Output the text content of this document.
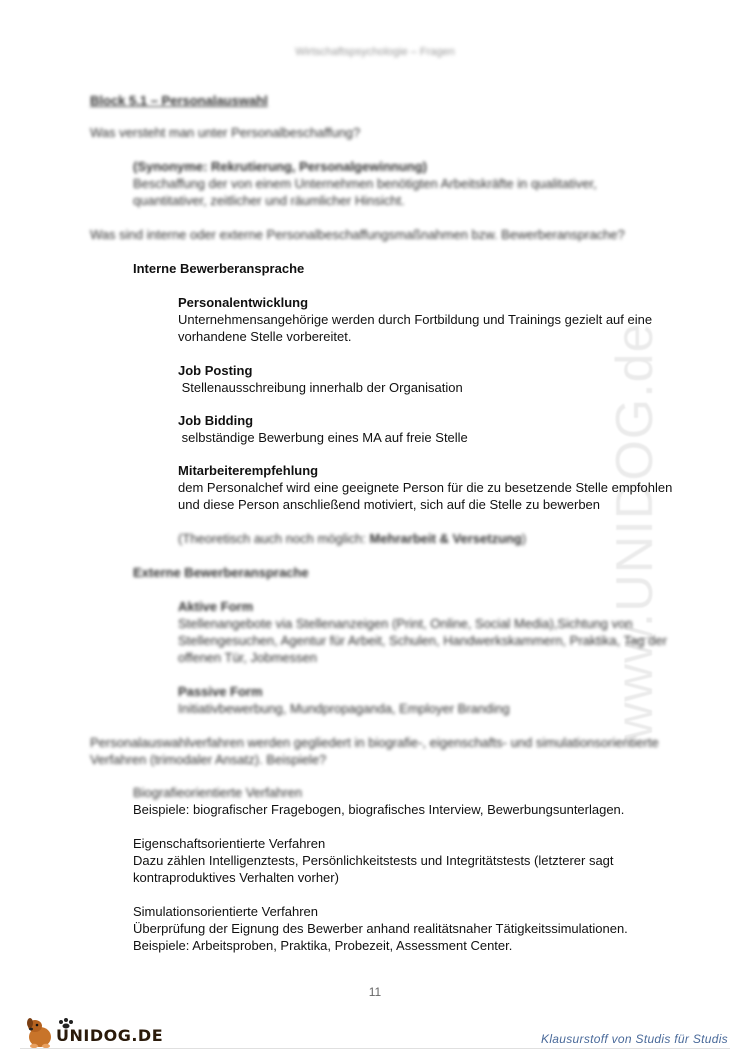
Wirtschaftspsychologie – Fragen
www.UNIDOG.de
Block 5.1 – Personalauswahl
Was versteht man unter Personalbeschaffung?
(Synonyme: Rekrutierung, Personalgewinnung)
Beschaffung der von einem Unternehmen benötigten Arbeitskräfte in qualitativer,
quantitativer, zeitlicher und räumlicher Hinsicht.
Was sind interne oder externe Personalbeschaffungsmaßnahmen bzw. Bewerberansprache?
Interne Bewerberansprache
Personalentwicklung
Unternehmensangehörige werden durch Fortbildung und Trainings gezielt auf eine
vorhandene Stelle vorbereitet.
Job Posting
Stellenausschreibung innerhalb der Organisation
Job Bidding
selbständige Bewerbung eines MA auf freie Stelle
Mitarbeiterempfehlung
dem Personalchef wird eine geeignete Person für die zu besetzende Stelle empfohlen
und diese Person anschließend motiviert, sich auf die Stelle zu bewerben
(Theoretisch auch noch möglich: Mehrarbeit & Versetzung)
Externe Bewerberansprache
Aktive Form
Stellenangebote via Stellenanzeigen (Print, Online, Social Media),Sichtung von
Stellengesuchen, Agentur für Arbeit, Schulen, Handwerkskammern, Praktika, Tag der
offenen Tür, Jobmessen
Passive Form
Initiativbewerbung, Mundpropaganda, Employer Branding
Personalauswahlverfahren werden gegliedert in biografie-, eigenschafts- und simulationsorientierte
Verfahren (trimodaler Ansatz). Beispiele?
Biografieorientierte Verfahren
Beispiele: biografischer Fragebogen, biografisches Interview, Bewerbungsunterlagen.
Eigenschaftsorientierte Verfahren
Dazu zählen Intelligenztests, Persönlichkeitstests und Integritätstests (letzterer sagt
kontraproduktives Verhalten vorher)
Simulationsorientierte Verfahren
Überprüfung der Eignung des Bewerber anhand realitätsnaher Tätigkeitssimulationen.
Beispiele: Arbeitsproben, Praktika, Probezeit, Assessment Center.
11
UNIDOG.DE	Klausurstoff von Studis für Studis
